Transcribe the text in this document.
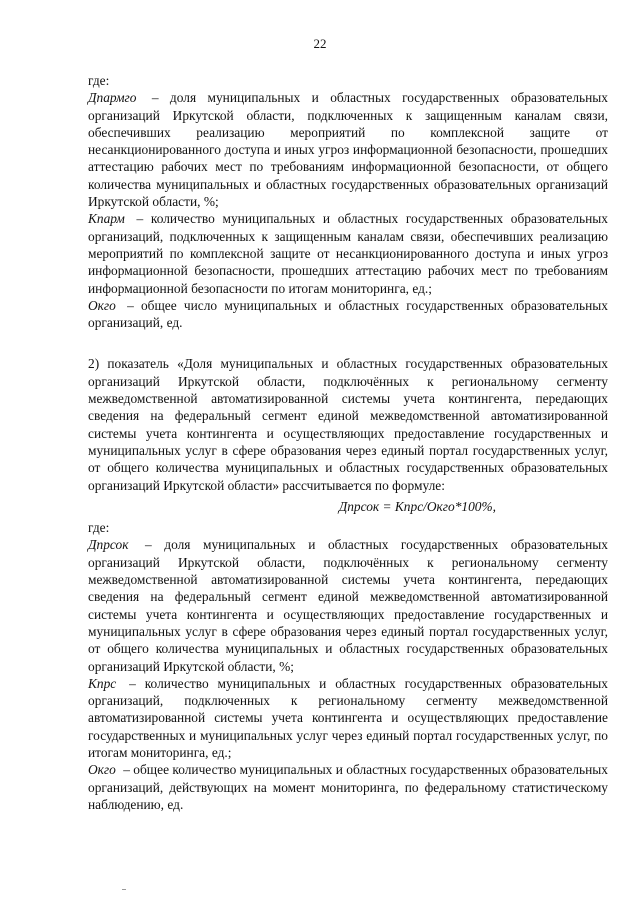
22

где:

Дпармго – доля муниципальных и областных государственных образовательных организаций Иркутской области, подключенных к защищенным каналам связи, обеспечивших реализацию мероприятий по комплексной защите от несанкционированного доступа и иных угроз информационной безопасности, прошедших аттестацию рабочих мест по требованиям информационной безопасности, от общего количества муниципальных и областных государственных образовательных организаций Иркутской области, %;

Кпарм – количество муниципальных и областных государственных образовательных организаций, подключенных к защищенным каналам связи, обеспечивших реализацию мероприятий по комплексной защите от несанкционированного доступа и иных угроз информационной безопасности, прошедших аттестацию рабочих мест по требованиям информационной безопасности по итогам мониторинга, ед.;

Окго – общее число муниципальных и областных государственных образовательных организаций, ед.

2) показатель «Доля муниципальных и областных государственных образовательных организаций Иркутской области, подключённых к региональному сегменту межведомственной автоматизированной системы учета контингента, передающих сведения на федеральный сегмент единой межведомственной автоматизированной системы учета контингента и осуществляющих предоставление государственных и муниципальных услуг в сфере образования через единый портал государственных услуг, от общего количества муниципальных и областных государственных образовательных организаций Иркутской области» рассчитывается по формуле:

Дпрсок = Кпрс/Окго*100%,

где:

Дпрсок – доля муниципальных и областных государственных образовательных организаций Иркутской области, подключённых к региональному сегменту межведомственной автоматизированной системы учета контингента, передающих сведения на федеральный сегмент единой межведомственной автоматизированной системы учета контингента и осуществляющих предоставление государственных и муниципальных услуг в сфере образования через единый портал государственных услуг, от общего количества муниципальных и областных государственных образовательных организаций Иркутской области, %;

Кпрс – количество муниципальных и областных государственных образовательных организаций, подключенных к региональному сегменту межведомственной автоматизированной системы учета контингента и осуществляющих предоставление государственных и муниципальных услуг через единый портал государственных услуг, по итогам мониторинга, ед.;

Окго – общее количество муниципальных и областных государственных образовательных организаций, действующих на момент мониторинга, по федеральному статистическому наблюдению, ед.
